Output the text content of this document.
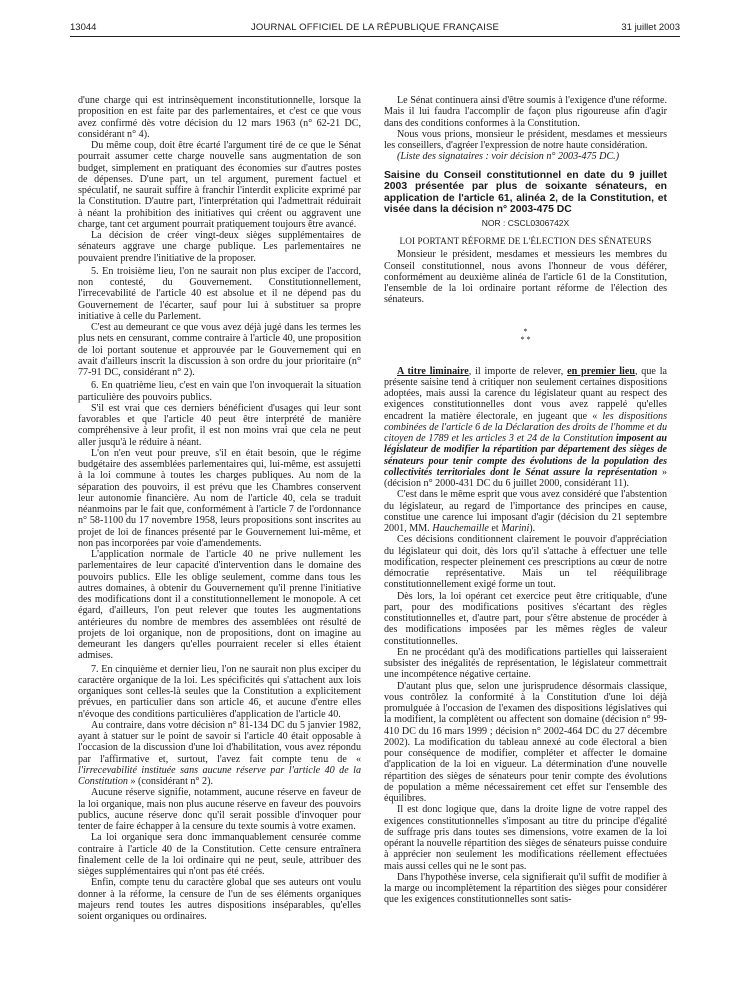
13044	JOURNAL OFFICIEL DE LA RÉPUBLIQUE FRANÇAISE	31 juillet 2003

d'une charge qui est intrinsèquement inconstitutionnelle, lorsque la proposition en est faite par des parlementaires, et c'est ce que vous avez confirmé dès votre décision du 12 mars 1963 (n° 62-21 DC, considérant n° 4).

Du même coup, doit être écarté l'argument tiré de ce que le Sénat pourrait assumer cette charge nouvelle sans augmentation de son budget, simplement en pratiquant des économies sur d'autres postes de dépenses. D'une part, un tel argument, purement factuel et spéculatif, ne saurait suffire à franchir l'interdit explicite exprimé par la Constitution. D'autre part, l'interprétation qui l'admettrait réduirait à néant la prohibition des initiatives qui créent ou aggravent une charge, tant cet argument pourrait pratiquement toujours être avancé.

La décision de créer vingt-deux sièges supplémentaires de sénateurs aggrave une charge publique. Les parlementaires ne pouvaient prendre l'initiative de la proposer.

5. En troisième lieu, l'on ne saurait non plus exciper de l'accord, non contesté, du Gouvernement. Constitutionnellement, l'irrecevabilité de l'article 40 est absolue et il ne dépend pas du Gouvernement de l'écarter, sauf pour lui à substituer sa propre initiative à celle du Parlement.

C'est au demeurant ce que vous avez déjà jugé dans les termes les plus nets en censurant, comme contraire à l'article 40, une proposition de loi portant soutenue et approuvée par le Gouvernement qui en avait d'ailleurs inscrit la discussion à son ordre du jour prioritaire (n° 77-91 DC, considérant n° 2).

6. En quatrième lieu, c'est en vain que l'on invoquerait la situation particulière des pouvoirs publics.

S'il est vrai que ces derniers bénéficient d'usages qui leur sont favorables et que l'article 40 peut être interprété de manière compréhensive à leur profit, il est non moins vrai que cela ne peut aller jusqu'à le réduire à néant.

L'on n'en veut pour preuve, s'il en était besoin, que le régime budgétaire des assemblées parlementaires qui, lui-même, est assujetti à la loi commune à toutes les charges publiques. Au nom de la séparation des pouvoirs, il est prévu que les Chambres conservent leur autonomie financière. Au nom de l'article 40, cela se traduit néanmoins par le fait que, conformément à l'article 7 de l'ordonnance n° 58-1100 du 17 novembre 1958, leurs propositions sont inscrites au projet de loi de finances présenté par le Gouvernement lui-même, et non pas incorporées par voie d'amendements.

L'application normale de l'article 40 ne prive nullement les parlementaires de leur capacité d'intervention dans le domaine des pouvoirs publics. Elle les oblige seulement, comme dans tous les autres domaines, à obtenir du Gouvernement qu'il prenne l'initiative des modifications dont il a constitutionnellement le monopole. A cet égard, d'ailleurs, l'on peut relever que toutes les augmentations antérieures du nombre de membres des assemblées ont résulté de projets de loi organique, non de propositions, dont on imagine au demeurant les dangers qu'elles pourraient receler si elles étaient admises.

7. En cinquième et dernier lieu, l'on ne saurait non plus exciper du caractère organique de la loi. Les spécificités qui s'attachent aux lois organiques sont celles-là seules que la Constitution a explicitement prévues, en particulier dans son article 46, et aucune d'entre elles n'évoque des conditions particulières d'application de l'article 40.

Au contraire, dans votre décision n° 81-134 DC du 5 janvier 1982, ayant à statuer sur le point de savoir si l'article 40 était opposable à l'occasion de la discussion d'une loi d'habilitation, vous avez répondu par l'affirmative et, surtout, l'avez fait compte tenu de « l'irrecevabilité instituée sans aucune réserve par l'article 40 de la Constitution » (considérant n° 2).

Aucune réserve signifie, notamment, aucune réserve en faveur de la loi organique, mais non plus aucune réserve en faveur des pouvoirs publics, aucune réserve donc qu'il serait possible d'invoquer pour tenter de faire échapper à la censure du texte soumis à votre examen.

La loi organique sera donc immanquablement censurée comme contraire à l'article 40 de la Constitution. Cette censure entraînera finalement celle de la loi ordinaire qui ne peut, seule, attribuer des sièges supplémentaires qui n'ont pas été créés.

Enfin, compte tenu du caractère global que ses auteurs ont voulu donner à la réforme, la censure de l'un de ses éléments organiques majeurs rend toutes les autres dispositions inséparables, qu'elles soient organiques ou ordinaires.

Le Sénat continuera ainsi d'être soumis à l'exigence d'une réforme. Mais il lui faudra l'accomplir de façon plus rigoureuse afin d'agir dans des conditions conformes à la Constitution.

Nous vous prions, monsieur le président, mesdames et messieurs les conseillers, d'agréer l'expression de notre haute considération.

(Liste des signataires : voir décision n° 2003-475 DC.)

Saisine du Conseil constitutionnel en date du 9 juillet 2003 présentée par plus de soixante sénateurs, en application de l'article 61, alinéa 2, de la Constitution, et visée dans la décision n° 2003-475 DC

NOR : CSCL0306742X

LOI PORTANT RÉFORME DE L'ÉLECTION DES SÉNATEURS

Monsieur le président, mesdames et messieurs les membres du Conseil constitutionnel, nous avons l'honneur de vous déférer, conformément au deuxième alinéa de l'article 61 de la Constitution, l'ensemble de la loi ordinaire portant réforme de l'élection des sénateurs.

*

* *

A titre liminaire, il importe de relever, en premier lieu, que la présente saisine tend à critiquer non seulement certaines dispositions adoptées, mais aussi la carence du législateur quant au respect des exigences constitutionnelles dont vous avez rappelé qu'elles encadrent la matière électorale, en jugeant que « les dispositions combinées de l'article 6 de la Déclaration des droits de l'homme et du citoyen de 1789 et les articles 3 et 24 de la Constitution imposent au législateur de modifier la répartition par département des sièges de sénateurs pour tenir compte des évolutions de la population des collectivités territoriales dont le Sénat assure la représentation » (décision n° 2000-431 DC du 6 juillet 2000, considérant 11).

C'est dans le même esprit que vous avez considéré que l'abstention du législateur, au regard de l'importance des principes en cause, constitue une carence lui imposant d'agir (décision du 21 septembre 2001, MM. Hauchemaille et Marini).

Ces décisions conditionnent clairement le pouvoir d'appréciation du législateur qui doit, dès lors qu'il s'attache à effectuer une telle modification, respecter pleinement ces prescriptions au cœur de notre démocratie représentative. Mais un tel rééquilibrage constitutionnellement exigé forme un tout.

Dès lors, la loi opérant cet exercice peut être critiquable, d'une part, pour des modifications positives s'écartant des règles constitutionnelles et, d'autre part, pour s'être abstenue de procéder à des modifications imposées par les mêmes règles de valeur constitutionnelles.

En ne procédant qu'à des modifications partielles qui laisseraient subsister des inégalités de représentation, le législateur commettrait une incompétence négative certaine.

D'autant plus que, selon une jurisprudence désormais classique, vous contrôlez la conformité à la Constitution d'une loi déjà promulguée à l'occasion de l'examen des dispositions législatives qui la modifient, la complètent ou affectent son domaine (décision n° 99-410 DC du 16 mars 1999 ; décision n° 2002-464 DC du 27 décembre 2002). La modification du tableau annexé au code électoral a bien pour conséquence de modifier, compléter et affecter le domaine d'application de la loi en vigueur. La détermination d'une nouvelle répartition des sièges de sénateurs pour tenir compte des évolutions de population a même nécessairement cet effet sur l'ensemble des équilibres.

Il est donc logique que, dans la droite ligne de votre rappel des exigences constitutionnelles s'imposant au titre du principe d'égalité de suffrage pris dans toutes ses dimensions, votre examen de la loi opérant la nouvelle répartition des sièges de sénateurs puisse conduire à apprécier non seulement les modifications réellement effectuées mais aussi celles qui ne le sont pas.

Dans l'hypothèse inverse, cela signifierait qu'il suffit de modifier à la marge ou incomplètement la répartition des sièges pour considérer que les exigences constitutionnelles sont satis-
